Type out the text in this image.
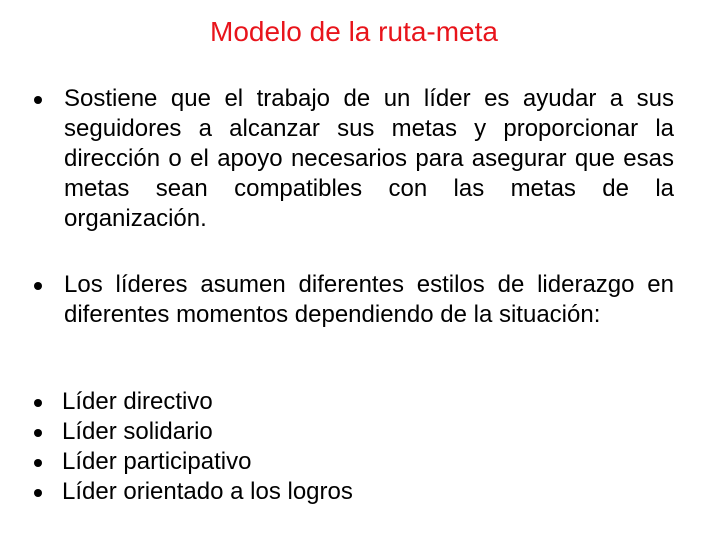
Modelo de la ruta-meta
Sostiene que el trabajo de un líder es ayudar a sus seguidores a alcanzar sus metas y proporcionar la dirección o el apoyo necesarios para asegurar que esas metas sean compatibles con las metas de la organización.
Los líderes asumen diferentes estilos de liderazgo en diferentes momentos dependiendo de la situación:
Líder directivo
Líder solidario
Líder participativo
Líder orientado a los logros
